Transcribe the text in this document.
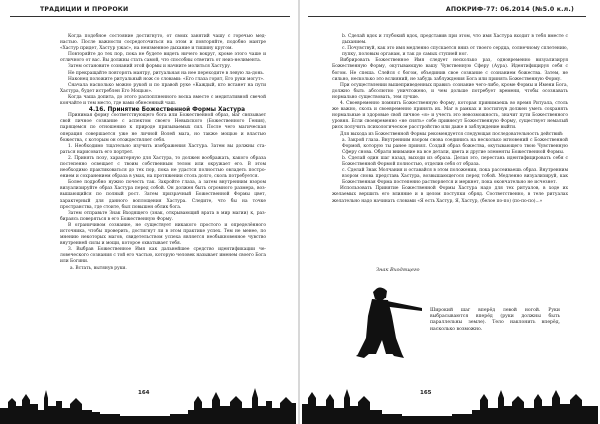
ТРАДИЦИИ И ПРОРОКИ

Когда подобное состояние достигнуто, от своих занятий чашу с горечью мед-настью. После важности сосредоточиться на этом и повторяйте, подобно мантре «Хастур придет, Хастур ужас», на неизменное дыхание и тишину кругом.

Повторяйте до тех пор, пока не будете видеть ничего вокруг, кроме этого чаше и отличного от вас. Вы должны стать самой, что способны ответить от неиз-нелимента.

Затем остановите сознаний этой формы и начните молиться Хастуру.

Не прекращайте повторять мантру, ритуальная на нее переходите в левую ла-донь.

Наконец положите ритуальный нож со словами: «Его глаза горят, Его руки могут».

Сначала насколько можно рукой и по правой руке «Каждый, кто встанет на пути Хастура, будет истреблен Его Мощью».

Когда чаша допита, до этого распоплненного воска вместе с медитативной свечой кончайте и тем место, где вами обнесенный чаш.

4.16. Принятие Божественной Формы Хастура

Принимая форму соответствующего бога или Божественной образ, маг связывает свой личное сознание с аспектом своего Невыхского (Божественного Гения), парящемся по отношению к природе призываемых сил. После чего магическая операция совершается уже не личной Волей мага, но также мощью и властью божества, с которым он отождествляет себя.

1. Необходимо тщательно изучить изображения Хастура. Затем вы должны ста-раться нарисовать его портрет.

2. Принять позу, характерную для Хастура, то должен воображать, какого образа постепенно освещает с твоим собственным телом или окружает его. В этом необходимо практиковаться до тех пор, пока не удастся полностью овладеть постро-ением и сохранением образа в умах, на протяжении столь долго, сколь потребуется.

Более подробно нужно почесть так. Закройте глаза, а затем внутренним взором визуализируйте образ Хастура перед собой. Он должен быть огромного размера, воз-вышающийся по полный рост. Затем призрачный Божественной Формы цвет, характерный для данного воплощения Хастура. Следите, что бы на точке пространства, где стоите, был повышен облик бога.

Затем отправьте Знак Входящего (знак, открывающий врата в мир магии) к, раз-бираясь поверяться в его Божественную Форму.

В ограничивом сознание, не существует никакого простого и определённого источника, чтобы проверить, достигнут ли в этом практике успех. Тем не менее, по мнению некоторых магов, свидетельством успеха является необыкновенное чувство внутренней силы и мощи, которое охватывает тебя.

3. Выбрав Божественное Имя как дальнейшее средство идентификации че-ловеческого сознания с той его частью, которую человек называет именем своего Бога или Богини.

а. Встать, вытянув руки.

164
АПОКРИФ-77: 06.2014 (№5.0 к.л.)

b. Сделай вдох и глубокий вдох, представив при этом, что имя Хастура входит в тебя вместе с дыханием.

c. Почувствуй, как это имя медленно спускается вниз от твоего сердца, солнечному сплетению, пупку, половым органам, и так до самых ступней ног.

Вибрировать Божественное Имя следует несколько раз, одновременно визуализируя Божественную Форму, окутывающую вашу Чувственную Сферу (Аура). Идентифицируя себя с богом. Не спеша. Слейся с богом, объединив свое сознание с сознанием божества. Затем, не сильно, несколько это вслияний, не забудь заблуждения Бога или принять Божественную Форму.

При осуществлении вышеприведенных правил: сознание чего-либо, кроме Формы и Имени Бога, должно быть абсолютно уничтожено, и чем дольше потребует времени, чтобы осознавать нормально существовать, тем лучше.

4. Своевременно помнить Божественную Форму, которая принимаешь во время Ритуала, столь же важно, сколь и своевременно принять их. Маг в рамках и постигнув должен уметь сохранять нормальные и здоровые свой личное «я» и учесть это невозможность, значит пути Божественного уровня. Если своевременно «не снять» собе привнесут Божественную Форму, существует немалый риск получить психологическое расстройство или даже в заблуждение выйти.

Для выхода из Божественной Формы рекомендуется следующая последовательность действий:

a. Закрой глаза. Внутренним взором снова соединись на несколько мгновений с Божественной Формой, которую ты ранее принял. Создай образ божества, окутывающего твою Чувственную Сферу снова. Обрати внимание на все детали, цвета и другие элементы Божественной Формы.

b. Сделай один шаг назад, выходи из образа. Делая это, перестань идентифицировать себя с Божественной Формой полностью, отделив себя от образа.

c. Сделай Знак Молчания и оставайся в этом положении, пока рассеиваешь образ. Внутренним взором снова представь Хастура, возвышающегося перед тобой. Медленно визуализируй, как Божественная Форма постепенно растворяется и меркнет, пока окончательно не исчезнет.

Использовать Принятие Божественной Формы Хастура надо для тех ритуалов, в ходе их желаемых вершить его влияние и в целом поступки обряд. Соответственно, в теле ритуалах желательно надо начинать словами «Я есть Хастур, Я, Хастур, (белое по-по) (по-по-по)...»

165
Знак Входящего
Широкий шаг вперёд левой ногой. Руки выбрасываются вперёд (руки должны быть параллельны земле). Тело наклонить вперёд, насколько возможно.
